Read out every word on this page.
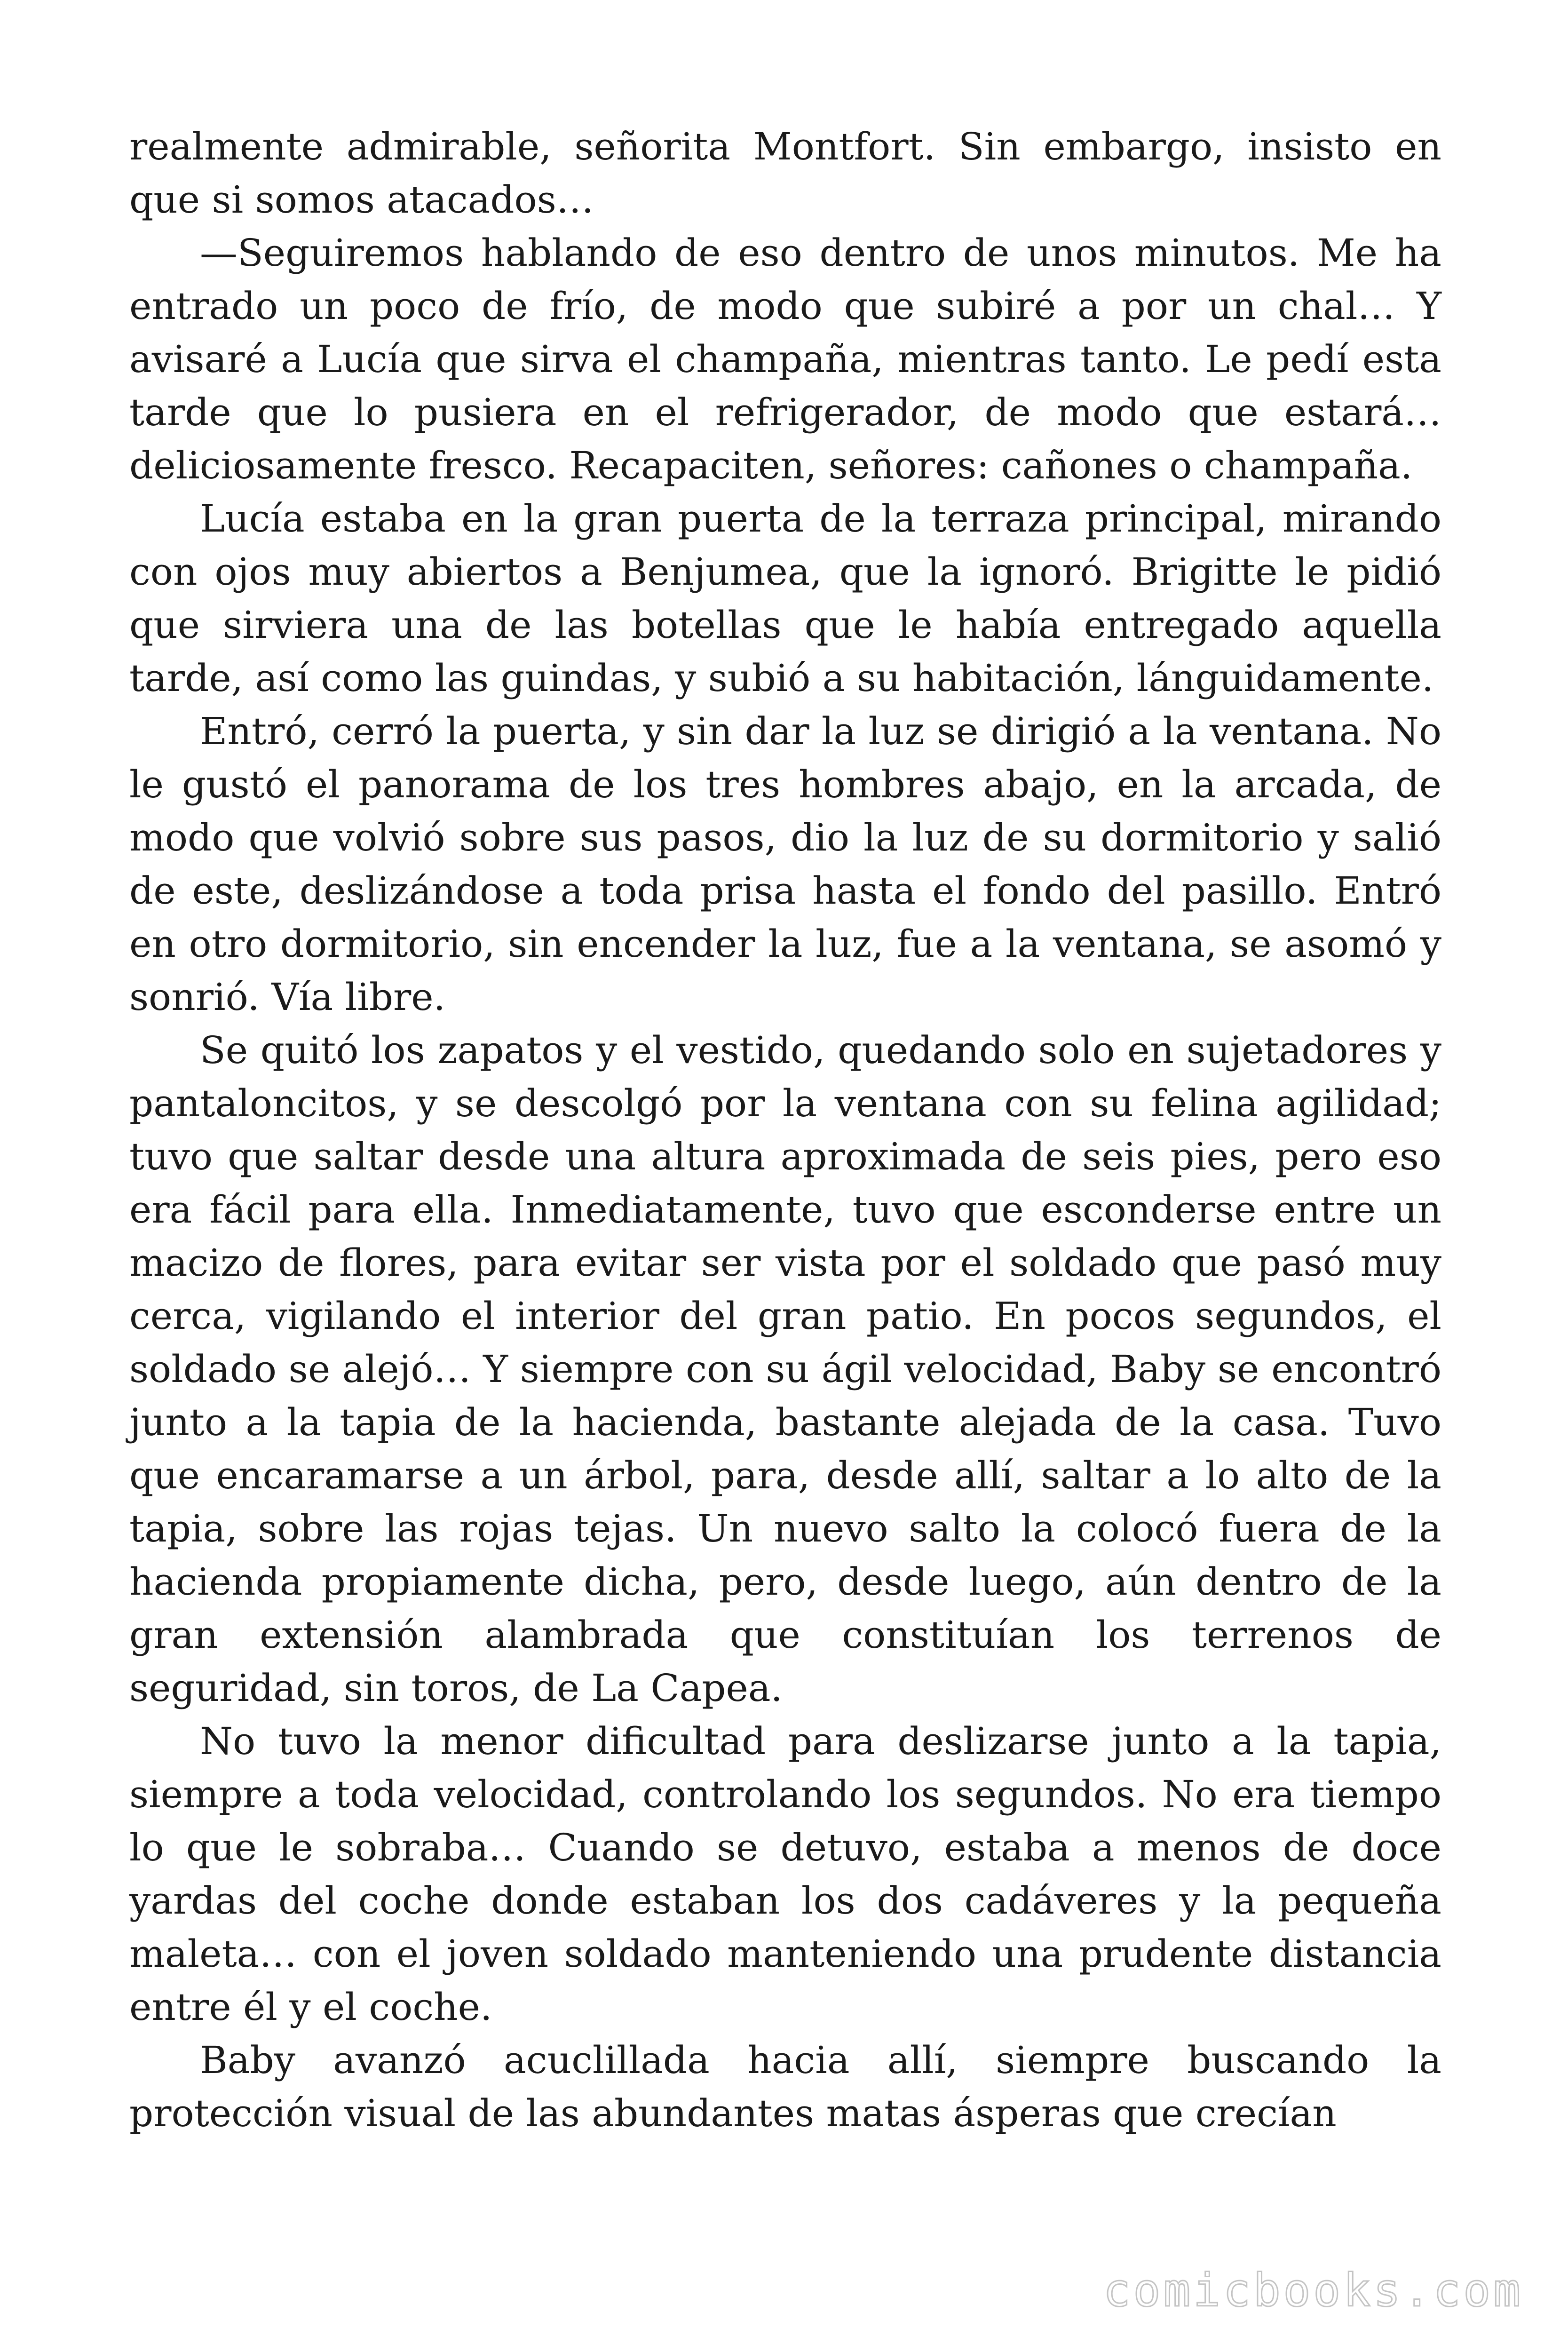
realmente admirable, señorita Montfort. Sin embargo, insisto en que si somos atacados…

—Seguiremos hablando de eso dentro de unos minutos. Me ha entrado un poco de frío, de modo que subiré a por un chal… Y avisaré a Lucía que sirva el champaña, mientras tanto. Le pedí esta tarde que lo pusiera en el refrigerador, de modo que estará… deliciosamente fresco. Recapaciten, señores: cañones o champaña.

Lucía estaba en la gran puerta de la terraza principal, mirando con ojos muy abiertos a Benjumea, que la ignoró. Brigitte le pidió que sirviera una de las botellas que le había entregado aquella tarde, así como las guindas, y subió a su habitación, lánguidamente.

Entró, cerró la puerta, y sin dar la luz se dirigió a la ventana. No le gustó el panorama de los tres hombres abajo, en la arcada, de modo que volvió sobre sus pasos, dio la luz de su dormitorio y salió de este, deslizándose a toda prisa hasta el fondo del pasillo. Entró en otro dormitorio, sin encender la luz, fue a la ventana, se asomó y sonrió. Vía libre.

Se quitó los zapatos y el vestido, quedando solo en sujetadores y pantaloncitos, y se descolgó por la ventana con su felina agilidad; tuvo que saltar desde una altura aproximada de seis pies, pero eso era fácil para ella. Inmediatamente, tuvo que esconderse entre un macizo de flores, para evitar ser vista por el soldado que pasó muy cerca, vigilando el interior del gran patio. En pocos segundos, el soldado se alejó… Y siempre con su ágil velocidad, Baby se encontró junto a la tapia de la hacienda, bastante alejada de la casa. Tuvo que encaramarse a un árbol, para, desde allí, saltar a lo alto de la tapia, sobre las rojas tejas. Un nuevo salto la colocó fuera de la hacienda propiamente dicha, pero, desde luego, aún dentro de la gran extensión alambrada que constituían los terrenos de seguridad, sin toros, de La Capea.

No tuvo la menor dificultad para deslizarse junto a la tapia, siempre a toda velocidad, controlando los segundos. No era tiempo lo que le sobraba… Cuando se detuvo, estaba a menos de doce yardas del coche donde estaban los dos cadáveres y la pequeña maleta… con el joven soldado manteniendo una prudente distancia entre él y el coche.

Baby avanzó acuclillada hacia allí, siempre buscando la protección visual de las abundantes matas ásperas que crecían

comicbooks.com
